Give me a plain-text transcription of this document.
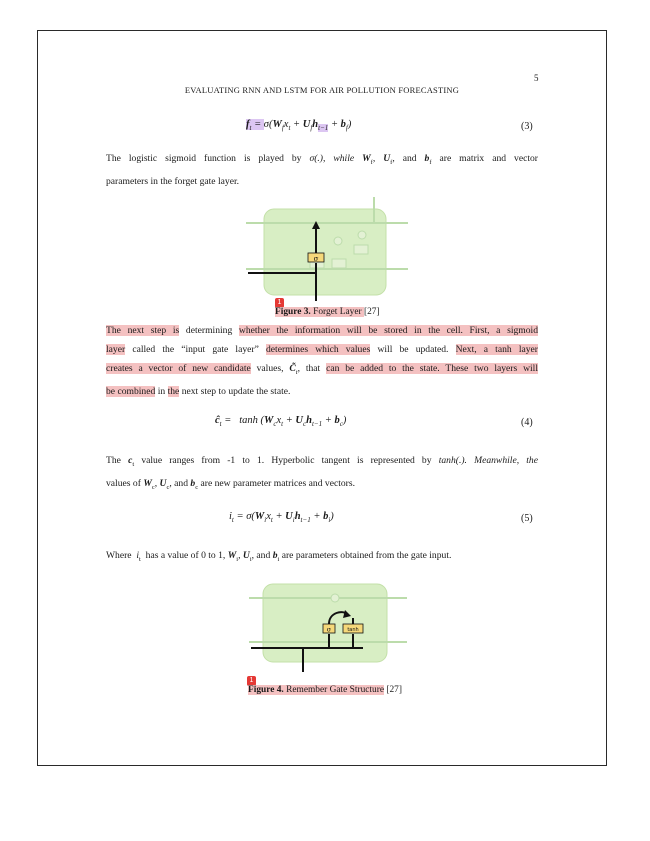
5
EVALUATING RNN AND LSTM FOR AIR POLLUTION FORECASTING
$f_t = \sigma(W_fx_t + U_fh_{t-1} + b_f)$	(3)
The logistic sigmoid function is played by σ(.), while $W_f$, $U_f$, and $b_f$ are matrix and vector
parameters in the forget gate layer.
σ
1
Figure 3. Forget Layer [27]
The next step is determining whether the information will be stored in the cell. First, a sigmoid
layer called the “input gate layer” determines which values will be updated. Next, a tanh layer
creates a vector of new candidate values, $C̃_t$, that can be added to the state. These two layers will
be combined in the next step to update the state.
$ĉ_t = \tanh (W_cx_t + U_ch_{t-1} + b_c)$	(4)
The $c_t$ value ranges from -1 to 1. Hyperbolic tangent is represented by tanh(.). Meanwhile, the
values of $W_c$, $U_c$, and $b_c$ are new parameter matrices and vectors.
$i_t = \sigma(W_ix_t + U_ih_{t-1} + b_i)$	(5)
Where $i_t$ has a value of 0 to 1, $W_i$, $U_i$, and $b_i$ are parameters obtained from the gate input.
σ	tanh
1
Figure 4. Remember Gate Structure [27]
